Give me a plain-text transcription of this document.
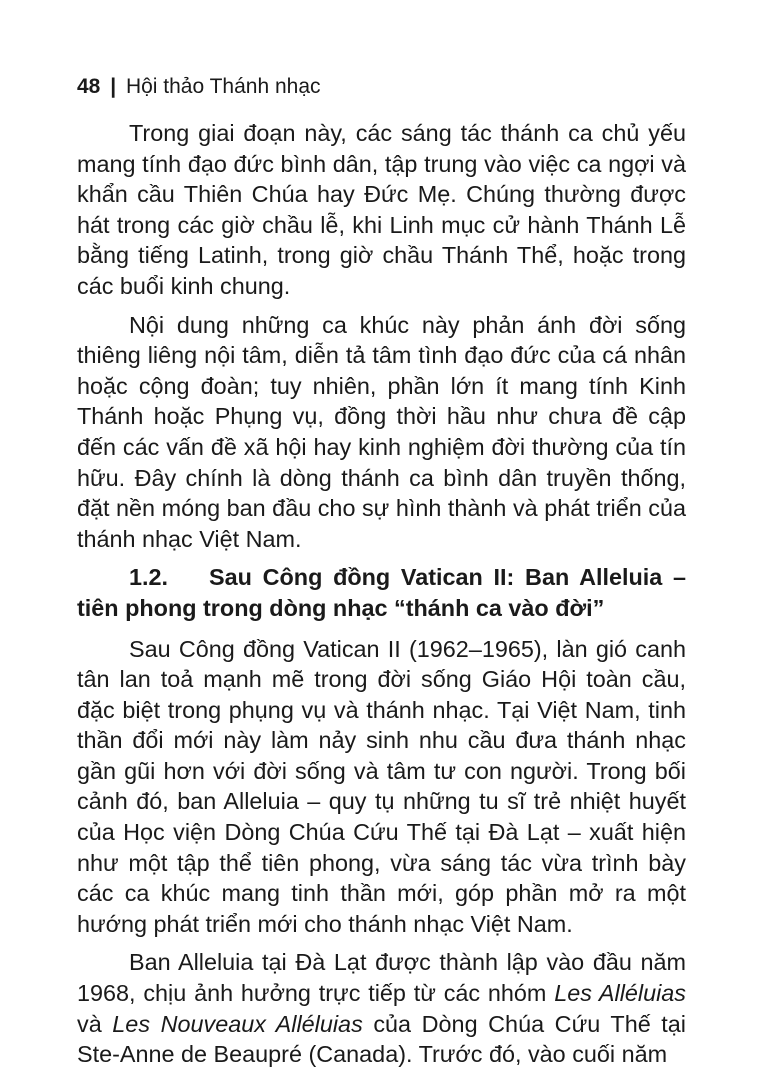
48 | Hội thảo Thánh nhạc

Trong giai đoạn này, các sáng tác thánh ca chủ yếu mang tính đạo đức bình dân, tập trung vào việc ca ngợi và khẩn cầu Thiên Chúa hay Đức Mẹ. Chúng thường được hát trong các giờ chầu lễ, khi Linh mục cử hành Thánh Lễ bằng tiếng Latinh, trong giờ chầu Thánh Thể, hoặc trong các buổi kinh chung.

Nội dung những ca khúc này phản ánh đời sống thiêng liêng nội tâm, diễn tả tâm tình đạo đức của cá nhân hoặc cộng đoàn; tuy nhiên, phần lớn ít mang tính Kinh Thánh hoặc Phụng vụ, đồng thời hầu như chưa đề cập đến các vấn đề xã hội hay kinh nghiệm đời thường của tín hữu. Đây chính là dòng thánh ca bình dân truyền thống, đặt nền móng ban đầu cho sự hình thành và phát triển của thánh nhạc Việt Nam.

1.2. Sau Công đồng Vatican II: Ban Alleluia – tiên phong trong dòng nhạc “thánh ca vào đời”

Sau Công đồng Vatican II (1962–1965), làn gió canh tân lan toả mạnh mẽ trong đời sống Giáo Hội toàn cầu, đặc biệt trong phụng vụ và thánh nhạc. Tại Việt Nam, tinh thần đổi mới này làm nảy sinh nhu cầu đưa thánh nhạc gần gũi hơn với đời sống và tâm tư con người. Trong bối cảnh đó, ban Alleluia – quy tụ những tu sĩ trẻ nhiệt huyết của Học viện Dòng Chúa Cứu Thế tại Đà Lạt – xuất hiện như một tập thể tiên phong, vừa sáng tác vừa trình bày các ca khúc mang tinh thần mới, góp phần mở ra một hướng phát triển mới cho thánh nhạc Việt Nam.

Ban Alleluia tại Đà Lạt được thành lập vào đầu năm 1968, chịu ảnh hưởng trực tiếp từ các nhóm Les Alléluias và Les Nouveaux Alléluias của Dòng Chúa Cứu Thế tại Ste-Anne de Beaupré (Canada). Trước đó, vào cuối năm
